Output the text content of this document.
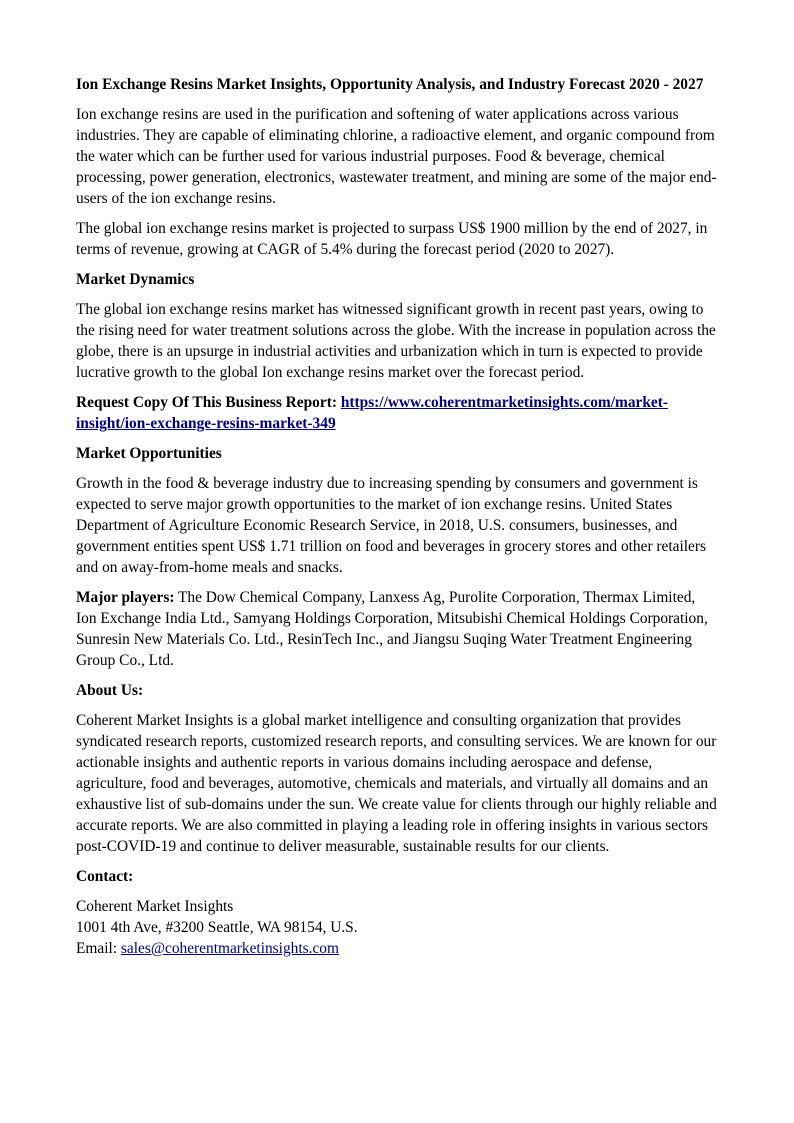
Ion Exchange Resins Market Insights, Opportunity Analysis, and Industry Forecast 2020 - 2027

Ion exchange resins are used in the purification and softening of water applications across various industries. They are capable of eliminating chlorine, a radioactive element, and organic compound from the water which can be further used for various industrial purposes. Food & beverage, chemical processing, power generation, electronics, wastewater treatment, and mining are some of the major end-users of the ion exchange resins.

The global ion exchange resins market is projected to surpass US$ 1900 million by the end of 2027, in terms of revenue, growing at CAGR of 5.4% during the forecast period (2020 to 2027).

Market Dynamics

The global ion exchange resins market has witnessed significant growth in recent past years, owing to the rising need for water treatment solutions across the globe. With the increase in population across the globe, there is an upsurge in industrial activities and urbanization which in turn is expected to provide lucrative growth to the global Ion exchange resins market over the forecast period.

Request Copy Of This Business Report: https://www.coherentmarketinsights.com/market-insight/ion-exchange-resins-market-349

Market Opportunities

Growth in the food & beverage industry due to increasing spending by consumers and government is expected to serve major growth opportunities to the market of ion exchange resins. United States Department of Agriculture Economic Research Service, in 2018, U.S. consumers, businesses, and government entities spent US$ 1.71 trillion on food and beverages in grocery stores and other retailers and on away-from-home meals and snacks.

Major players: The Dow Chemical Company, Lanxess Ag, Purolite Corporation, Thermax Limited, Ion Exchange India Ltd., Samyang Holdings Corporation, Mitsubishi Chemical Holdings Corporation, Sunresin New Materials Co. Ltd., ResinTech Inc., and Jiangsu Suqing Water Treatment Engineering Group Co., Ltd.

About Us:

Coherent Market Insights is a global market intelligence and consulting organization that provides syndicated research reports, customized research reports, and consulting services. We are known for our actionable insights and authentic reports in various domains including aerospace and defense, agriculture, food and beverages, automotive, chemicals and materials, and virtually all domains and an exhaustive list of sub-domains under the sun. We create value for clients through our highly reliable and accurate reports. We are also committed in playing a leading role in offering insights in various sectors post-COVID-19 and continue to deliver measurable, sustainable results for our clients.

Contact:

Coherent Market Insights
1001 4th Ave, #3200 Seattle, WA 98154, U.S.
Email: sales@coherentmarketinsights.com
